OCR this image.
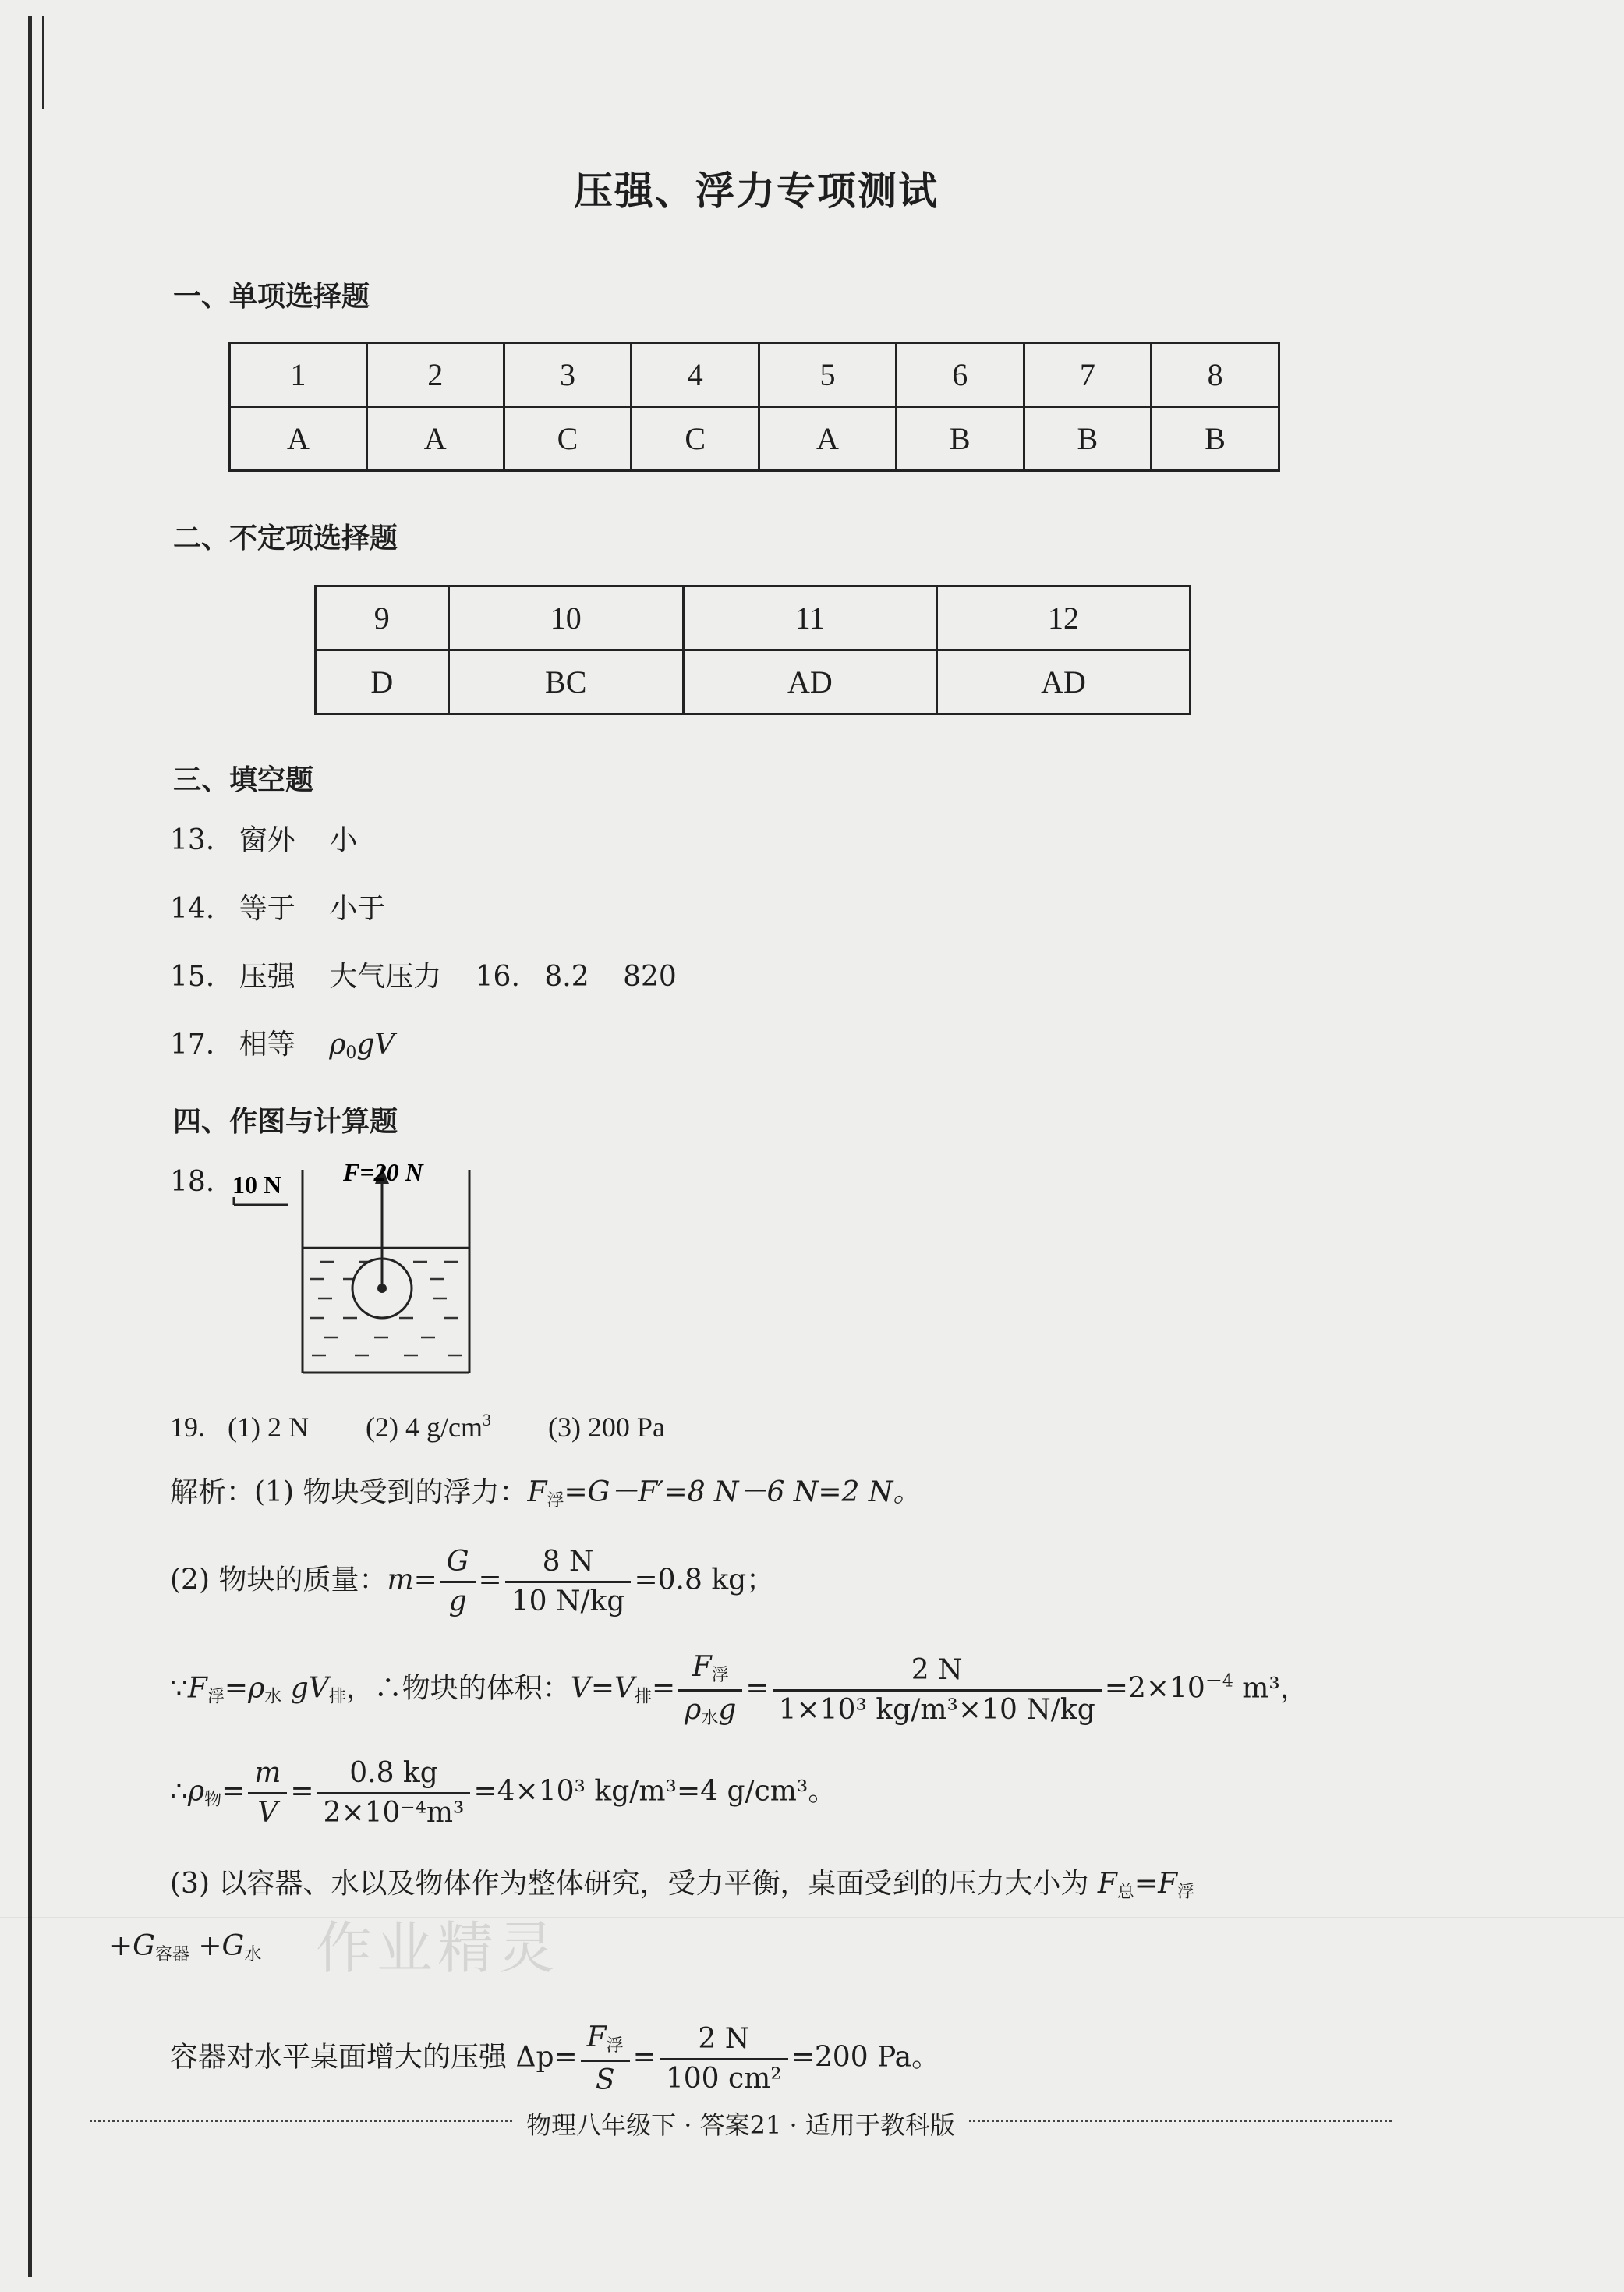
压强、浮力专项测试
一、单项选择题
1	2	3	4	5	6	7	8
A	A	C	C	A	B	B	B
二、不定项选择题
9	10	11	12
D	BC	AD	AD
三、填空题
13. 窗外 小
14. 等于 小于
15. 压强 大气压力 16. 8.2 820
17. 相等 $\rho_0gV$
四、作图与计算题
18. 10 N F=20 N
19. (1) 2 N (2) 4 $g/cm^3$ (3) 200 Pa
解析：(1) 物块受到的浮力：$F_浮=G-F'=8$ N－6 N=2 N。
(2) 物块的质量：$m= \frac{G}{g} = \frac{8 N}{10 N/kg} =0.8$ kg；
$\because F_浮=\rho_水$ $gV_排$，∴物块的体积：$V=V_排= \frac{F_浮}{\rho_水g} = \frac{2 N}{\text{1×10³ kg/m³×10 N/kg}} =2\times 10^{-4}$ m³，
$\therefore\rho_物= \frac{m}{V} = \frac{0.8 kg}{\text{2×10⁻⁴m³}} =4\times 10^3$ kg/m³=4 g/cm³。
(3) 以容器、水以及物体作为整体研究，受力平衡，桌面受到的压力大小为 $F_总=F_浮$
$+G_{容器} +G_水$
容器对水平桌面增大的压强 $\Delta p= \frac{F_浮}{S} = \frac{2 N}{\text{100 cm²}} =200$ Pa。
作业精灵
物理八年级下 · 答案21 · 适用于教科版
